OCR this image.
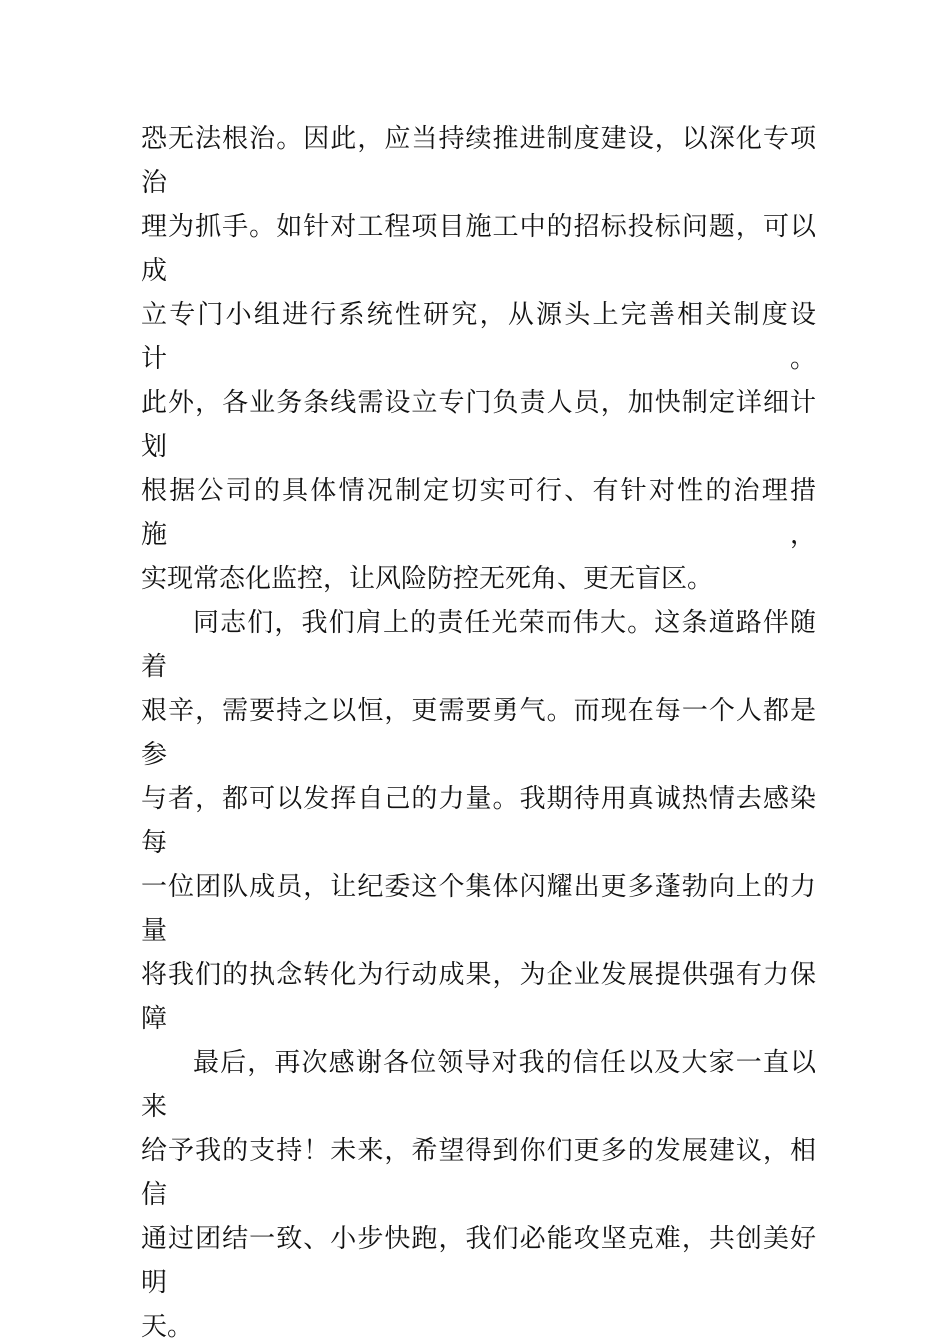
恐无法根治。因此，应当持续推进制度建设，以深化专项治
理为抓手。如针对工程项目施工中的招标投标问题，可以成
立专门小组进行系统性研究，从源头上完善相关制度设计。
此外，各业务条线需设立专门负责人员，加快制定详细计划
根据公司的具体情况制定切实可行、有针对性的治理措施，
实现常态化监控，让风险防控无死角、更无盲区。
同志们，我们肩上的责任光荣而伟大。这条道路伴随着
艰辛，需要持之以恒，更需要勇气。而现在每一个人都是参
与者，都可以发挥自己的力量。我期待用真诚热情去感染每
一位团队成员，让纪委这个集体闪耀出更多蓬勃向上的力量
将我们的执念转化为行动成果，为企业发展提供强有力保障
最后，再次感谢各位领导对我的信任以及大家一直以来
给予我的支持！未来，希望得到你们更多的发展建议，相信
通过团结一致、小步快跑，我们必能攻坚克难，共创美好明
天。
